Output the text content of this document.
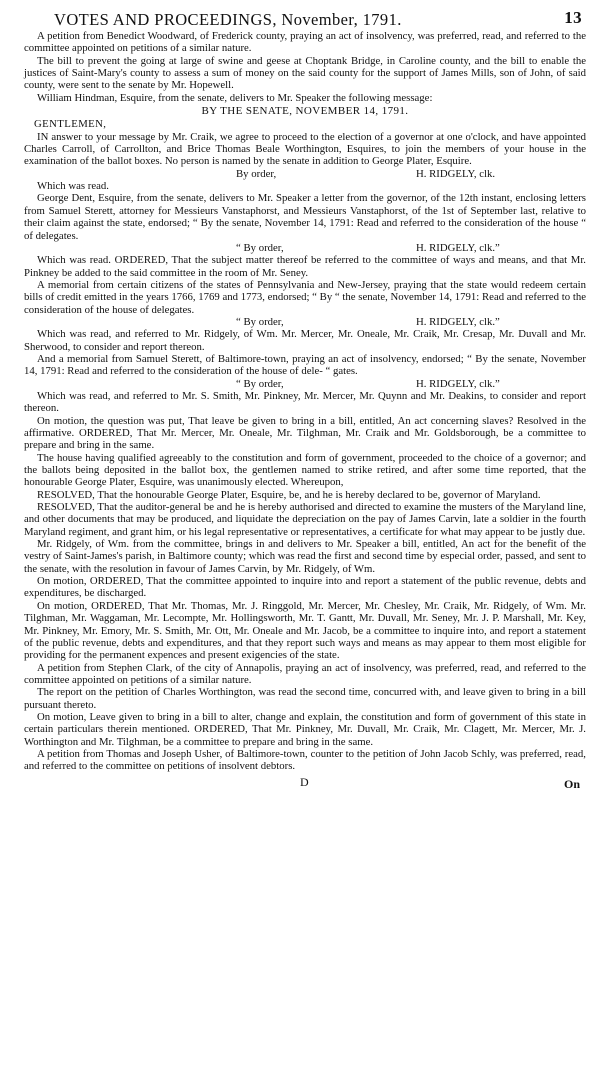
VOTES AND PROCEEDINGS, November, 1791.	13

A petition from Benedict Woodward, of Frederick county, praying an act of insolvency, was preferred, read, and referred to the committee appointed on petitions of a similar nature.

The bill to prevent the going at large of swine and geese at Choptank Bridge, in Caroline county, and the bill to enable the justices of Saint-Mary's county to assess a sum of money on the said county for the support of James Mills, son of John, of said county, were sent to the senate by Mr. Hopewell.

William Hindman, Esquire, from the senate, delivers to Mr. Speaker the following message:

BY THE SENATE, NOVEMBER 14, 1791.
GENTLEMEN,

IN answer to your message by Mr. Craik, we agree to proceed to the election of a governor at one o'clock, and have appointed Charles Carroll, of Carrollton, and Brice Thomas Beale Worthington, Esquires, to join the members of your house in the examination of the ballot boxes. No person is named by the senate in addition to George Plater, Esquire.

By order,	H. RIDGELY, clk.

Which was read.

George Dent, Esquire, from the senate, delivers to Mr. Speaker a letter from the governor, of the 12th instant, enclosing letters from Samuel Sterett, attorney for Messieurs Vanstaphorst, and Messieurs Vanstaphorst, of the 1st of September last, relative to their claim against the state, endorsed; “ By the senate, November 14, 1791: Read and referred to the consideration of the house “ of delegates.

“ By order,	H. RIDGELY, clk.”

Which was read. ORDERED, That the subject matter thereof be referred to the committee of ways and means, and that Mr. Pinkney be added to the said committee in the room of Mr. Seney.

A memorial from certain citizens of the states of Pennsylvania and New-Jersey, praying that the state would redeem certain bills of credit emitted in the years 1766, 1769 and 1773, endorsed; “ By “ the senate, November 14, 1791: Read and referred to the consideration of the house of delegates.

“ By order,	H. RIDGELY, clk.”

Which was read, and referred to Mr. Ridgely, of Wm. Mr. Mercer, Mr. Oneale, Mr. Craik, Mr. Cresap, Mr. Duvall and Mr. Sherwood, to consider and report thereon.

And a memorial from Samuel Sterett, of Baltimore-town, praying an act of insolvency, endorsed; “ By the senate, November 14, 1791: Read and referred to the consideration of the house of dele- “ gates.

“ By order,	H. RIDGELY, clk.”

Which was read, and referred to Mr. S. Smith, Mr. Pinkney, Mr. Mercer, Mr. Quynn and Mr. Deakins, to consider and report thereon.

On motion, the question was put, That leave be given to bring in a bill, entitled, An act concerning slaves? Resolved in the affirmative. ORDERED, That Mr. Mercer, Mr. Oneale, Mr. Tilghman, Mr. Craik and Mr. Goldsborough, be a committee to prepare and bring in the same.

The house having qualified agreeably to the constitution and form of government, proceeded to the choice of a governor; and the ballots being deposited in the ballot box, the gentlemen named to strike retired, and after some time reported, that the honourable George Plater, Esquire, was unanimously elected. Whereupon,

RESOLVED, That the honourable George Plater, Esquire, be, and he is hereby declared to be, governor of Maryland.

RESOLVED, That the auditor-general be and he is hereby authorised and directed to examine the musters of the Maryland line, and other documents that may be produced, and liquidate the depreciation on the pay of James Carvin, late a soldier in the fourth Maryland regiment, and grant him, or his legal representative or representatives, a certificate for what may appear to be justly due.

Mr. Ridgely, of Wm. from the committee, brings in and delivers to Mr. Speaker a bill, entitled, An act for the benefit of the vestry of Saint-James's parish, in Baltimore county; which was read the first and second time by especial order, passed, and sent to the senate, with the resolution in favour of James Carvin, by Mr. Ridgely, of Wm.

On motion, ORDERED, That the committee appointed to inquire into and report a statement of the public revenue, debts and expenditures, be discharged.

On motion, ORDERED, That Mr. Thomas, Mr. J. Ringgold, Mr. Mercer, Mr. Chesley, Mr. Craik, Mr. Ridgely, of Wm. Mr. Tilghman, Mr. Waggaman, Mr. Lecompte, Mr. Hollingsworth, Mr. T. Gantt, Mr. Duvall, Mr. Seney, Mr. J. P. Marshall, Mr. Key, Mr. Pinkney, Mr. Emory, Mr. S. Smith, Mr. Ott, Mr. Oneale and Mr. Jacob, be a committee to inquire into, and report a statement of the public revenue, debts and expenditures, and that they report such ways and means as may appear to them most eligible for providing for the permanent expences and present exigencies of the state.

A petition from Stephen Clark, of the city of Annapolis, praying an act of insolvency, was preferred, read, and referred to the committee appointed on petitions of a similar nature.

The report on the petition of Charles Worthington, was read the second time, concurred with, and leave given to bring in a bill pursuant thereto.

On motion, Leave given to bring in a bill to alter, change and explain, the constitution and form of government of this state in certain particulars therein mentioned. ORDERED, That Mr. Pinkney, Mr. Duvall, Mr. Craik, Mr. Clagett, Mr. Mercer, Mr. J. Worthington and Mr. Tilghman, be a committee to prepare and bring in the same.

A petition from Thomas and Joseph Usher, of Baltimore-town, counter to the petition of John Jacob Schly, was preferred, read, and referred to the committee on petitions of insolvent debtors.

D	On
